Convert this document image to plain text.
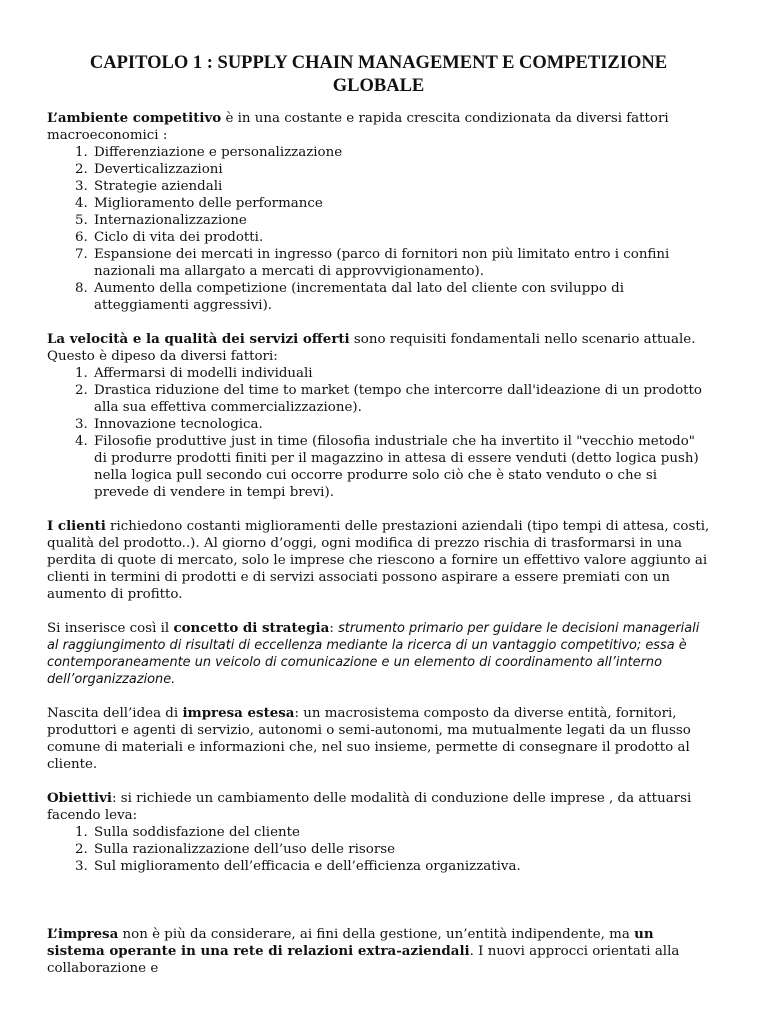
CAPITOLO 1 : SUPPLY CHAIN MANAGEMENT E COMPETIZIONE GLOBALE

L’ambiente competitivo è in una costante e rapida crescita condizionata da diversi fattori macroeconomici :

1. Differenziazione e personalizzazione
2. Deverticalizzazioni
3. Strategie aziendali
4. Miglioramento delle performance
5. Internazionalizzazione
6. Ciclo di vita dei prodotti.
7. Espansione dei mercati in ingresso (parco di fornitori non più limitato entro i confini nazionali ma allargato a mercati di approvvigionamento).
8. Aumento della competizione (incrementata dal lato del cliente con sviluppo di atteggiamenti aggressivi).

La velocità e la qualità dei servizi offerti sono requisiti fondamentali nello scenario attuale. Questo è dipeso da diversi fattori:

1. Affermarsi di modelli individuali
2. Drastica riduzione del time to market (tempo che intercorre dall'ideazione di un prodotto alla sua effettiva commercializzazione).
3. Innovazione tecnologica.
4. Filosofie produttive just in time (filosofia industriale che ha invertito il "vecchio metodo" di produrre prodotti finiti per il magazzino in attesa di essere venduti (detto logica push) nella logica pull secondo cui occorre produrre solo ciò che è stato venduto o che si prevede di vendere in tempi brevi).

I clienti richiedono costanti miglioramenti delle prestazioni aziendali (tipo tempi di attesa, costi, qualità del prodotto..). Al giorno d’oggi, ogni modifica di prezzo rischia di trasformarsi in una perdita di quote di mercato, solo le imprese che riescono a fornire un effettivo valore aggiunto ai clienti in termini di prodotti e di servizi associati possono aspirare a essere premiati con un aumento di profitto.

Si inserisce così il concetto di strategia: strumento primario per guidare le decisioni manageriali al raggiungimento di risultati di eccellenza mediante la ricerca di un vantaggio competitivo; essa è contemporaneamente un veicolo di comunicazione e un elemento di coordinamento all’interno dell’organizzazione.

Nascita dell’idea di impresa estesa: un macrosistema composto da diverse entità, fornitori, produttori e agenti di servizio, autonomi o semi-autonomi, ma mutualmente legati da un flusso comune di materiali e informazioni che, nel suo insieme, permette di consegnare il prodotto al cliente.

Obiettivi: si richiede un cambiamento delle modalità di conduzione delle imprese , da attuarsi facendo leva:

1. Sulla soddisfazione del cliente
2. Sulla razionalizzazione dell’uso delle risorse
3. Sul miglioramento dell’efficacia e dell’efficienza organizzativa.

L’impresa non è più da considerare, ai fini della gestione, un’entità indipendente, ma un sistema operante in una rete di relazioni extra-aziendali. I nuovi approcci orientati alla collaborazione e
